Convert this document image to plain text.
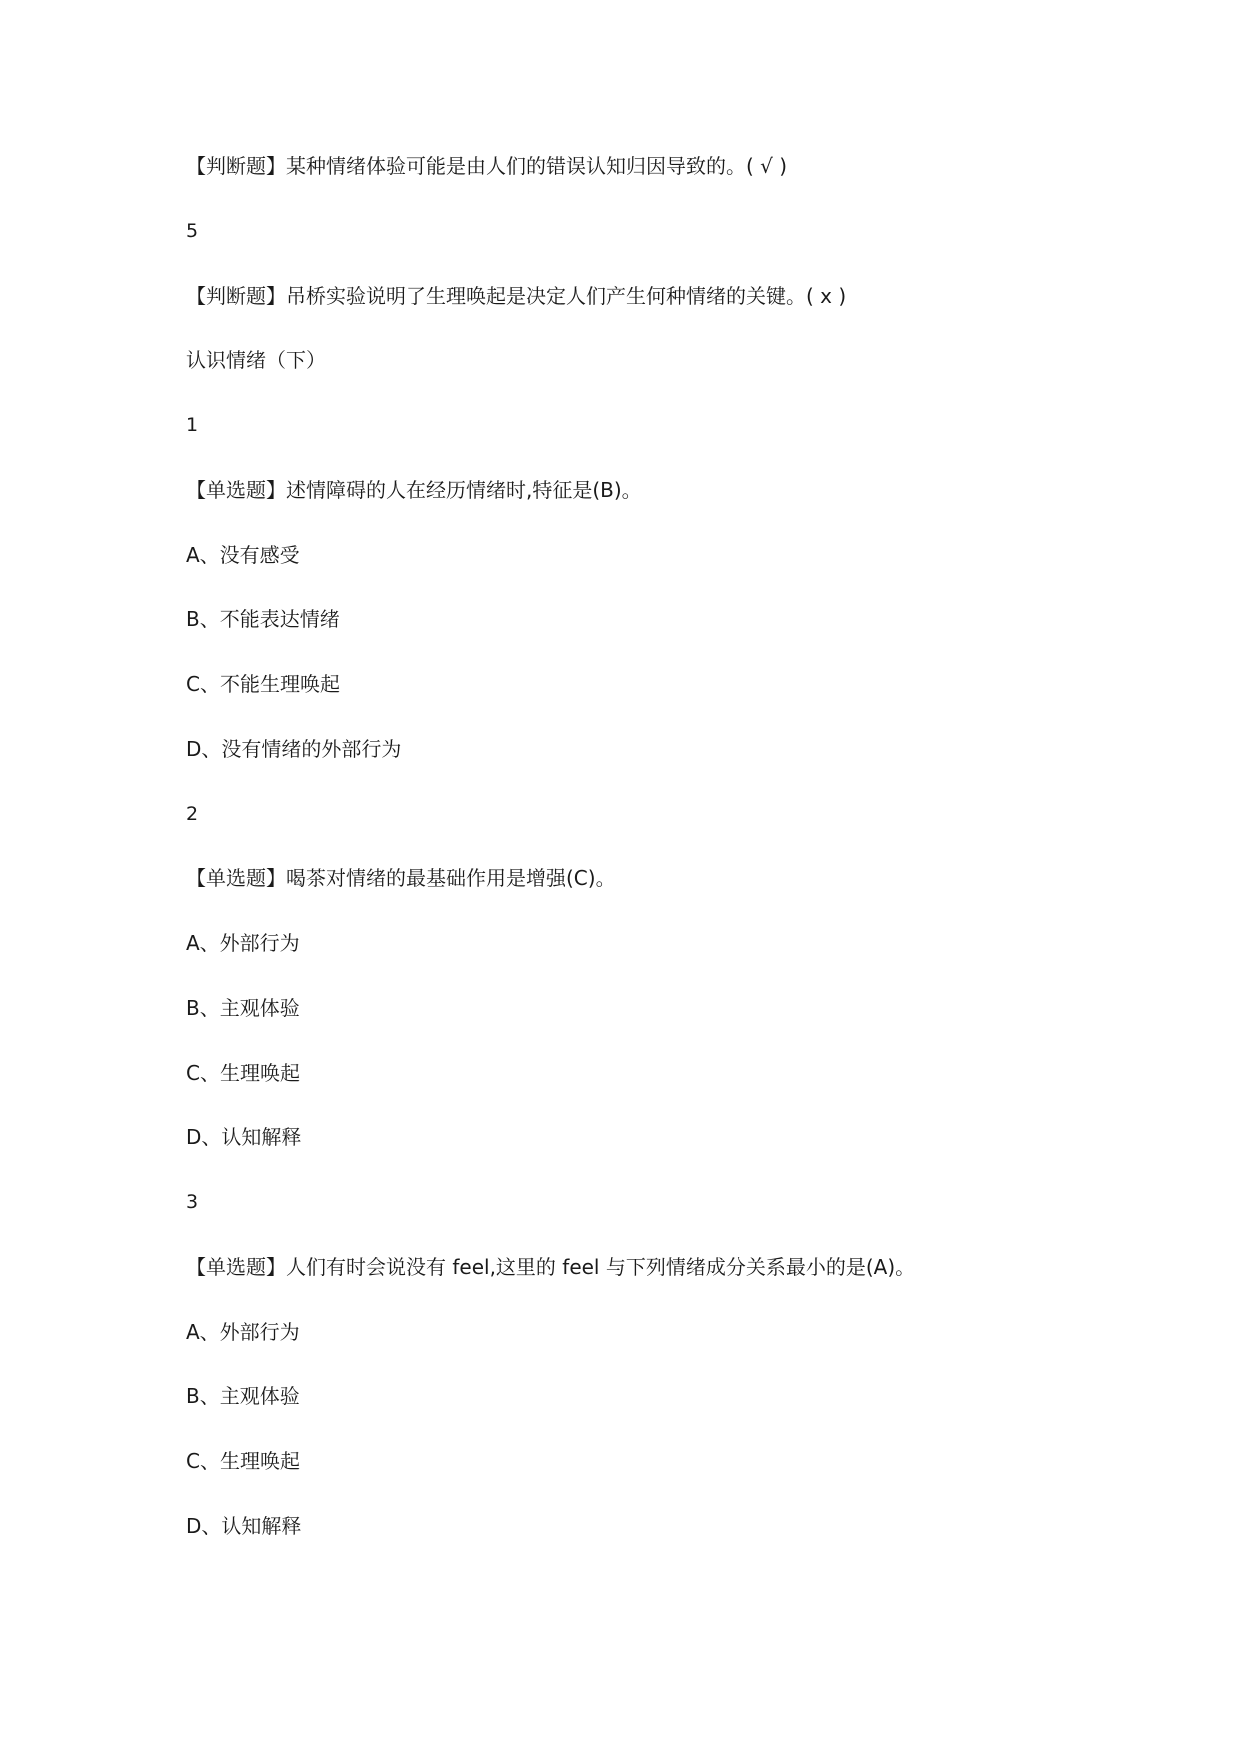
【判断题】某种情绪体验可能是由人们的错误认知归因导致的。( √ )
5
【判断题】吊桥实验说明了生理唤起是决定人们产生何种情绪的关键。( x )
认识情绪（下）
1
【单选题】述情障碍的人在经历情绪时,特征是(B)。
A、没有感受
B、不能表达情绪
C、不能生理唤起
D、没有情绪的外部行为
2
【单选题】喝茶对情绪的最基础作用是增强(C)。
A、外部行为
B、主观体验
C、生理唤起
D、认知解释
3
【单选题】人们有时会说没有 feel,这里的 feel 与下列情绪成分关系最小的是(A)。
A、外部行为
B、主观体验
C、生理唤起
D、认知解释
